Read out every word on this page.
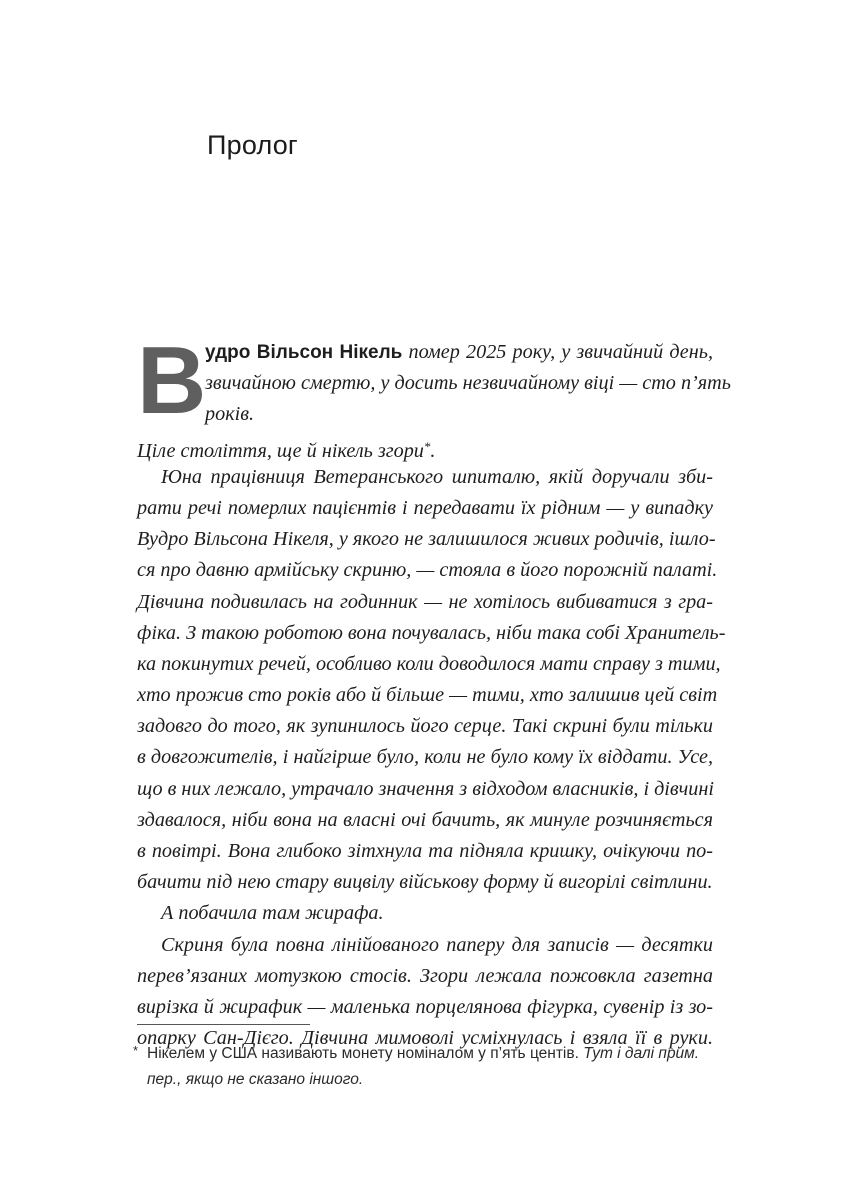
Пролог
В
удро Вільсон Нікель помер 2025 року, у звичайний день,
звичайною смертю, у досить незвичайному віці — сто п’ять
років.
Ціле століття, ще й нікель згори*.
Юна працівниця Ветеранського шпиталю, якій доручали зби-
рати речі померлих пацієнтів і передавати їх рідним — у випадку
Вудро Вільсона Нікеля, у якого не залишилося живих родичів, ішло-
ся про давню армійську скриню, — стояла в його порожній палаті.
Дівчина подивилась на годинник — не хотілось вибиватися з гра-
фіка. З такою роботою вона почувалась, ніби така собі Хранитель-
ка покинутих речей, особливо коли доводилося мати справу з тими,
хто прожив сто років або й більше — тими, хто залишив цей світ
задовго до того, як зупинилось його серце. Такі скрині були тільки
в довгожителів, і найгірше було, коли не було кому їх віддати. Усе,
що в них лежало, утрачало значення з відходом власників, і дівчині
здавалося, ніби вона на власні очі бачить, як минуле розчиняється
в повітрі. Вона глибоко зітхнула та підняла кришку, очікуючи по-
бачити під нею стару вицвілу військову форму й вигорілі світлини.
А побачила там жирафа.
Скриня була повна лінійованого паперу для записів — десятки
перев’язаних мотузкою стосів. Згори лежала пожовкла газетна
вирізка й жирафик — маленька порцелянова фігурка, сувенір із зо-
опарку Сан-Дієго. Дівчина мимоволі усміхнулась і взяла її в руки.
* Нікелем у США називають монету номіналом у п’ять центів. Тут і далі прим.
пер., якщо не сказано іншого.
